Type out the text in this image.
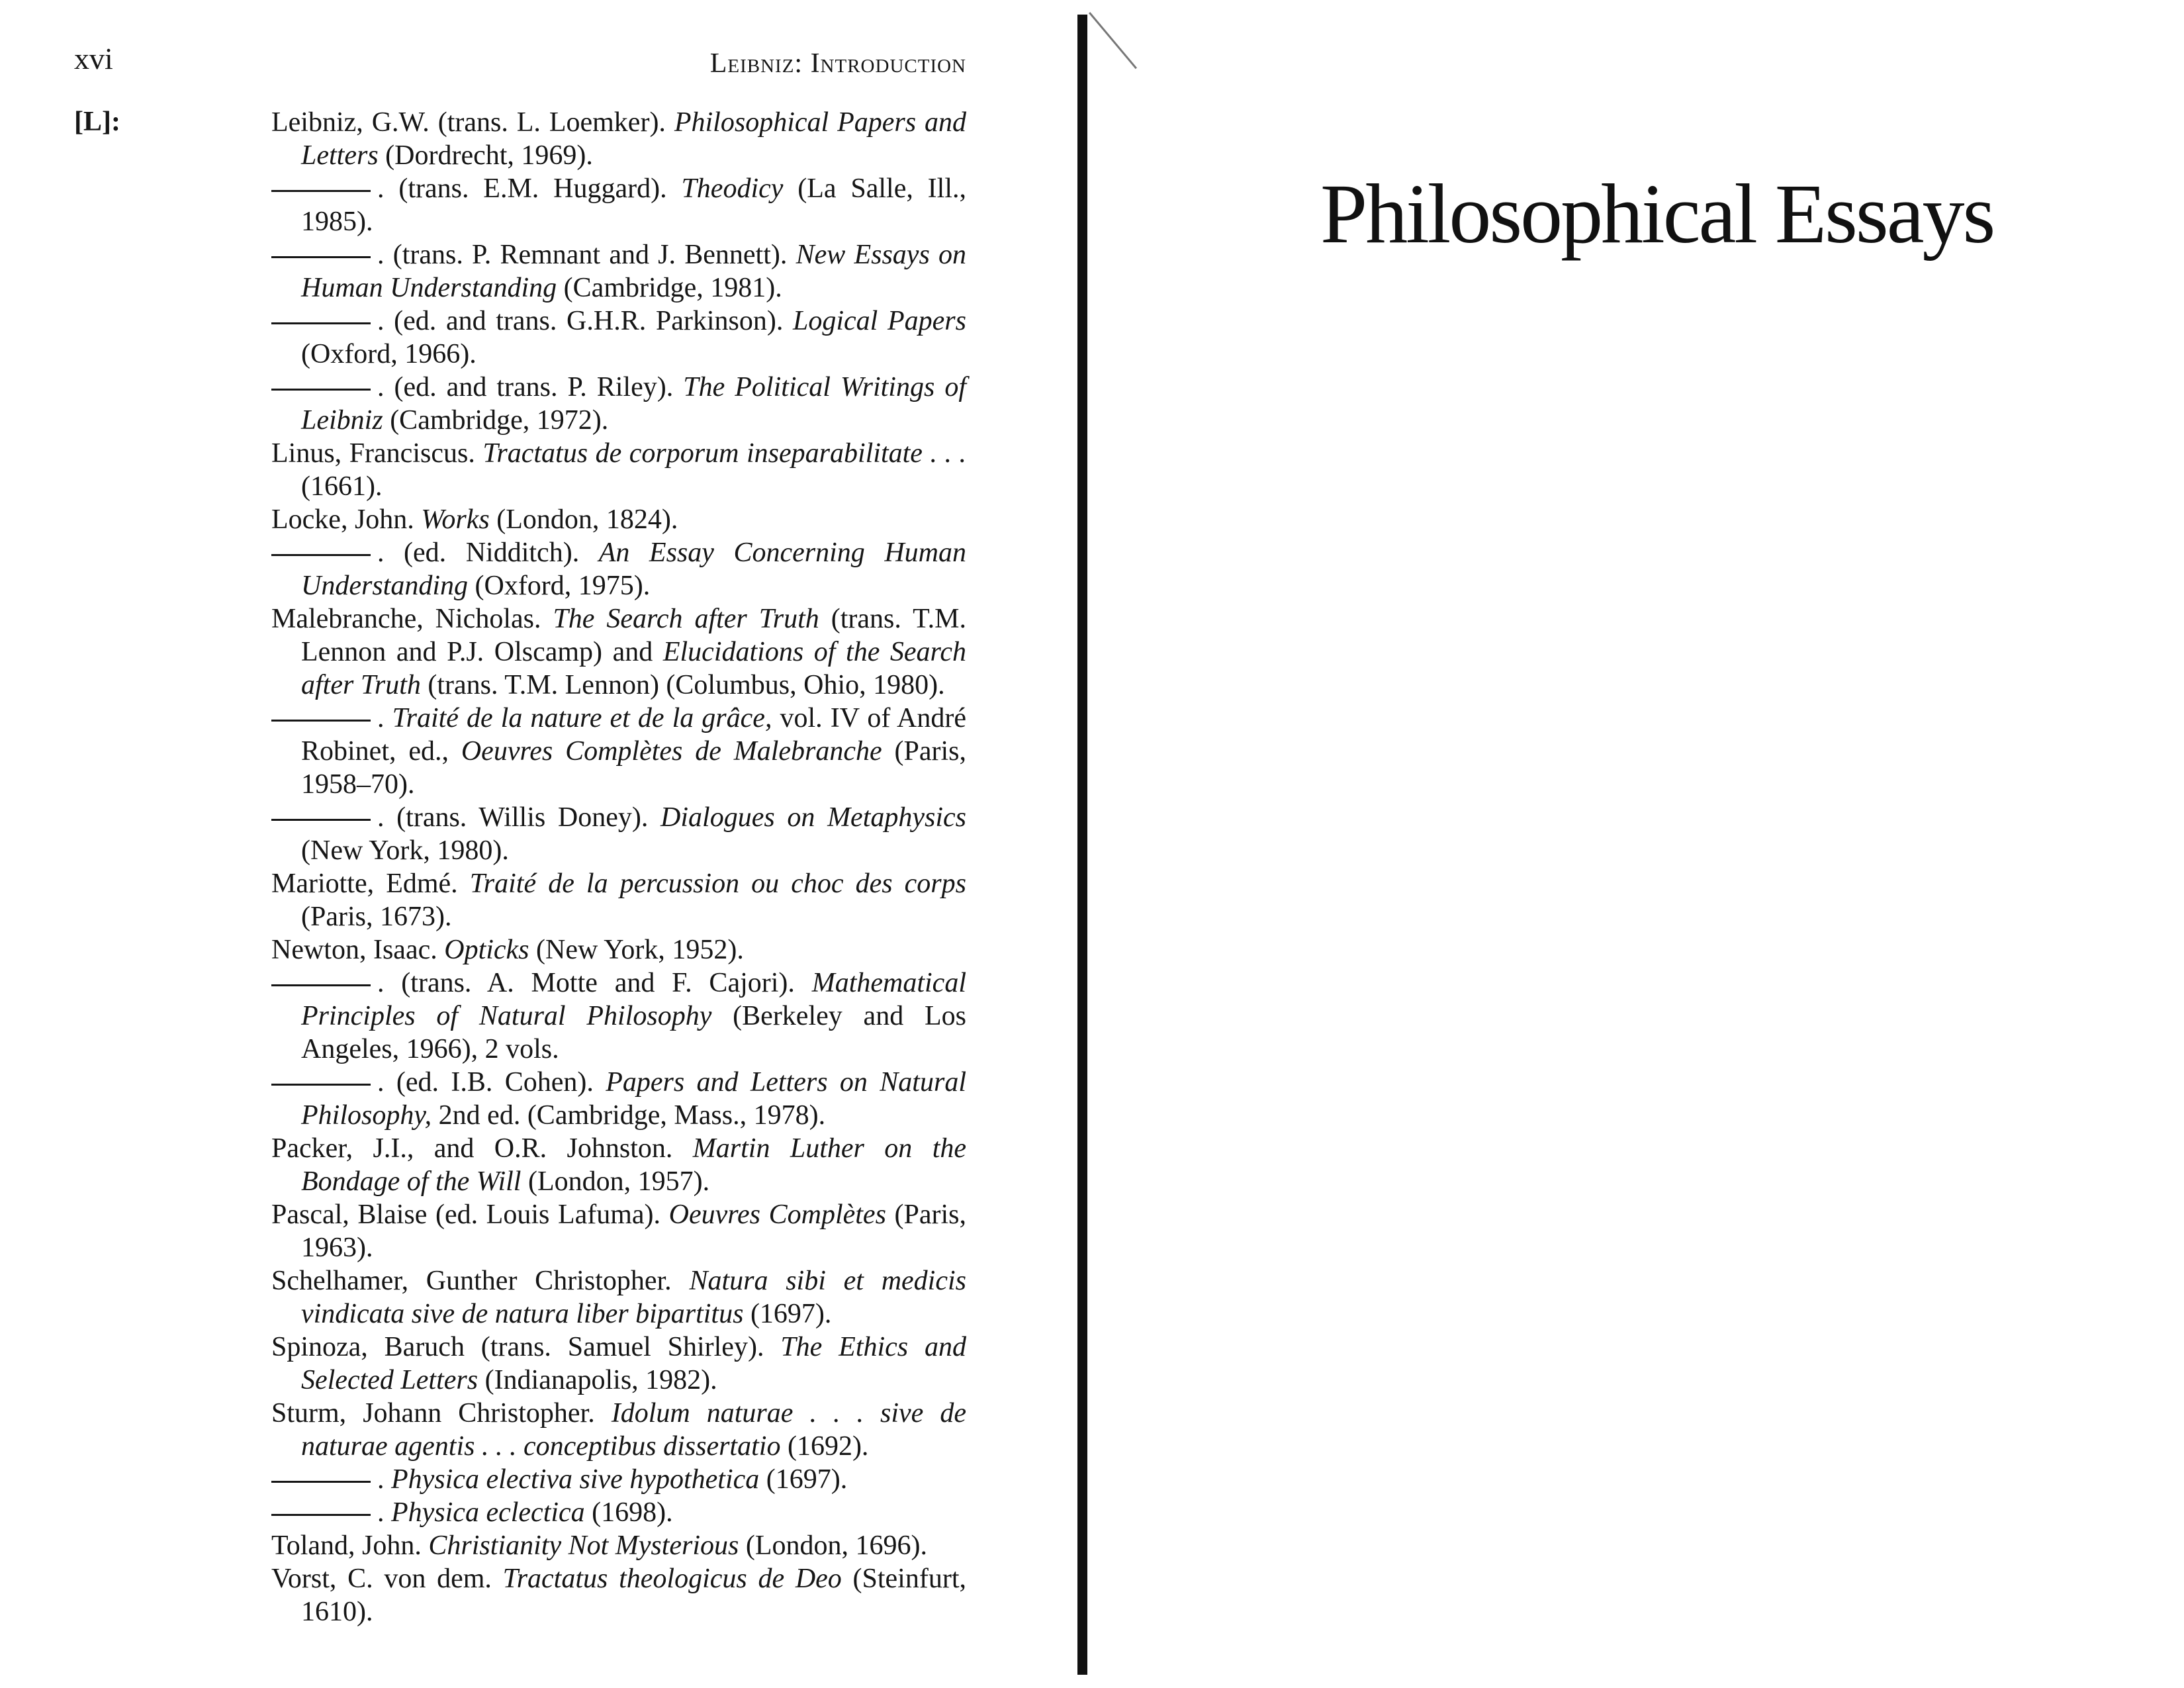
xvi	Leibniz: Introduction
[L]:	Leibniz, G.W. (trans. L. Loemker). Philosophical Papers and Letters (Dordrecht, 1969).
. (trans. E.M. Huggard). Theodicy (La Salle, Ill., 1985).
. (trans. P. Remnant and J. Bennett). New Essays on Human Understanding (Cambridge, 1981).
. (ed. and trans. G.H.R. Parkinson). Logical Papers (Oxford, 1966).
. (ed. and trans. P. Riley). The Political Writings of Leibniz (Cambridge, 1972).
Linus, Franciscus. Tractatus de corporum inseparabilitate . . . (1661).
Locke, John. Works (London, 1824).
. (ed. Nidditch). An Essay Concerning Human Understanding (Oxford, 1975).
Malebranche, Nicholas. The Search after Truth (trans. T.M. Lennon and P.J. Olscamp) and Elucidations of the Search after Truth (trans. T.M. Lennon) (Columbus, Ohio, 1980).
. Traité de la nature et de la grâce, vol. IV of André Robinet, ed., Oeuvres Complètes de Malebranche (Paris, 1958–70).
. (trans. Willis Doney). Dialogues on Metaphysics (New York, 1980).
Mariotte, Edmé. Traité de la percussion ou choc des corps (Paris, 1673).
Newton, Isaac. Opticks (New York, 1952).
. (trans. A. Motte and F. Cajori). Mathematical Principles of Natural Philosophy (Berkeley and Los Angeles, 1966), 2 vols.
. (ed. I.B. Cohen). Papers and Letters on Natural Philosophy, 2nd ed. (Cambridge, Mass., 1978).
Packer, J.I., and O.R. Johnston. Martin Luther on the Bondage of the Will (London, 1957).
Pascal, Blaise (ed. Louis Lafuma). Oeuvres Complètes (Paris, 1963).
Schelhamer, Gunther Christopher. Natura sibi et medicis vindicata sive de natura liber bipartitus (1697).
Spinoza, Baruch (trans. Samuel Shirley). The Ethics and Selected Letters (Indianapolis, 1982).
Sturm, Johann Christopher. Idolum naturae . . . sive de naturae agentis . . . conceptibus dissertatio (1692).
. Physica electiva sive hypothetica (1697).
. Physica eclectica (1698).
Toland, John. Christianity Not Mysterious (London, 1696).
Vorst, C. von dem. Tractatus theologicus de Deo (Steinfurt, 1610).
Philosophical Essays
